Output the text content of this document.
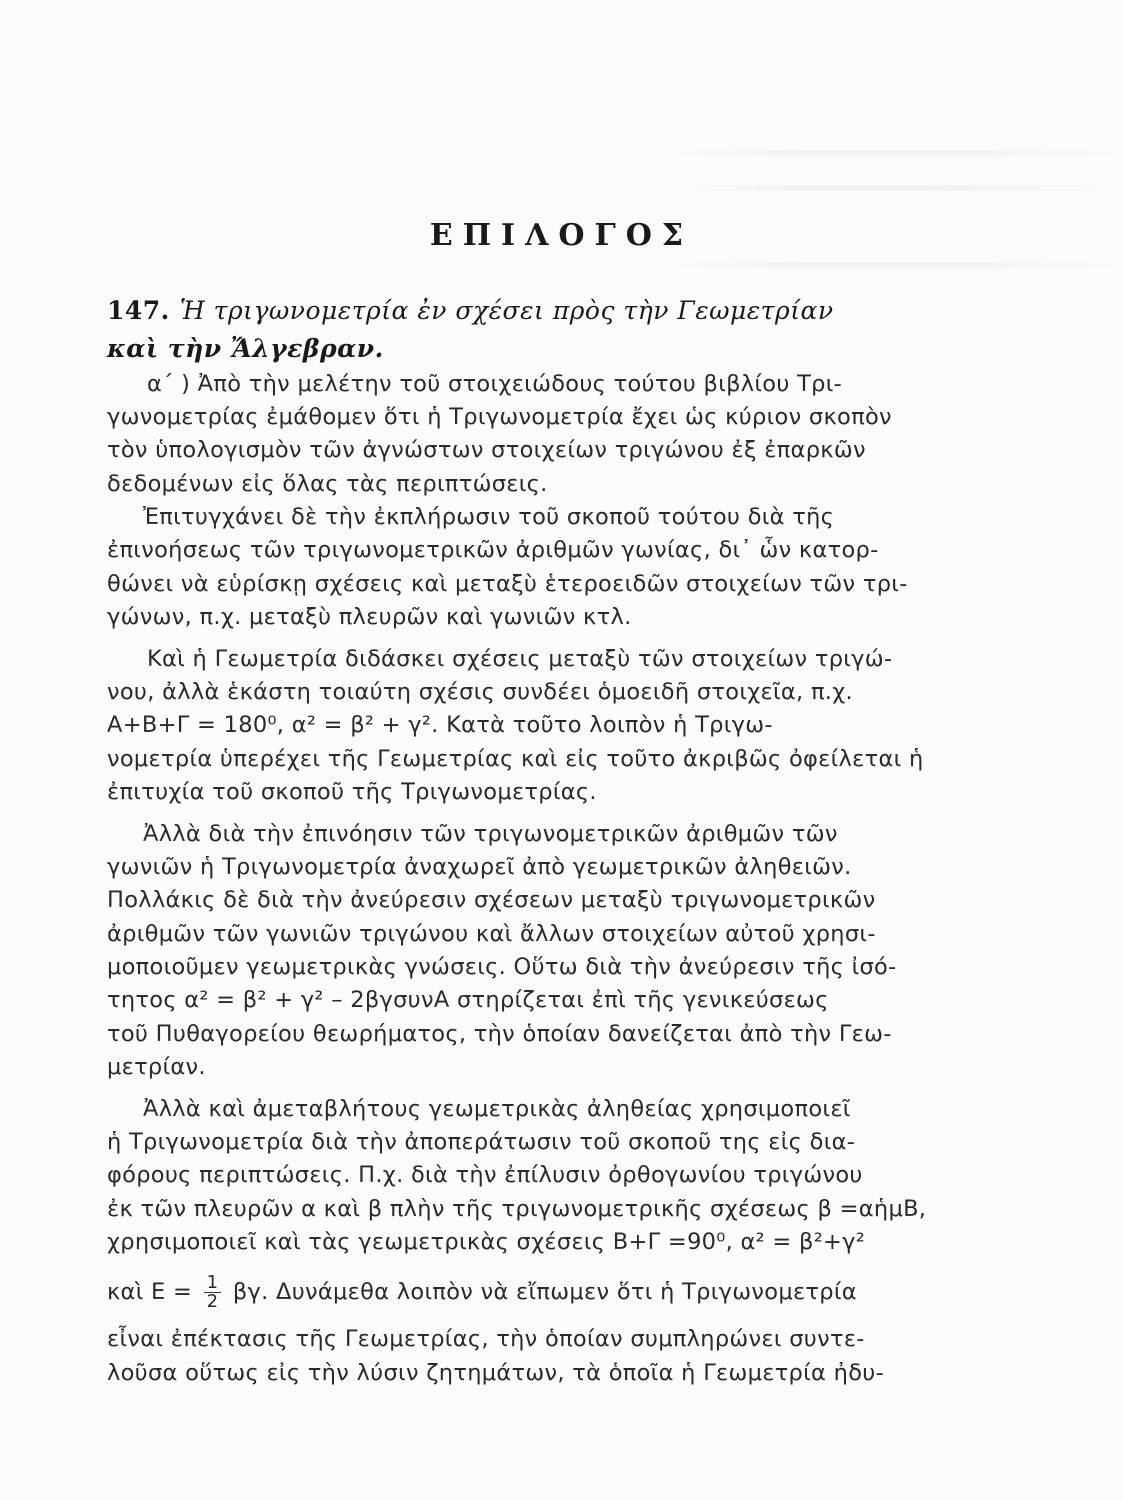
ΕΠΙΛΟΓΟΣ
147. Ἡ τριγωνομετρία ἐν σχέσει πρὸς τὴν Γεωμετρίαν
καὶ τὴν Ἄλγεβραν.
α΄ ) Ἀπὸ τὴν μελέτην τοῦ στοιχειώδους τούτου βιβλίου Τρι-
γωνομετρίας ἐμάθομεν ὅτι ἡ Τριγωνομετρία ἔχει ὡς κύριον σκοπὸν
τὸν ὑπολογισμὸν τῶν ἀγνώστων στοιχείων τριγώνου ἐξ ἐπαρκῶν
δεδομένων εἰς ὅλας τὰς περιπτώσεις.
Ἐπιτυγχάνει δὲ τὴν ἐκπλήρωσιν τοῦ σκοποῦ τούτου διὰ τῆς
ἐπινοήσεως τῶν τριγωνομετρικῶν ἀριθμῶν γωνίας, δι᾿ ὧν κατορ-
θώνει νὰ εὑρίσκῃ σχέσεις καὶ μεταξὺ ἑτεροειδῶν στοιχείων τῶν τρι-
γώνων, π.χ. μεταξὺ πλευρῶν καὶ γωνιῶν κτλ.
Καὶ ἡ Γεωμετρία διδάσκει σχέσεις μεταξὺ τῶν στοιχείων τριγώ-
νου, ἀλλὰ ἑκάστη τοιαύτη σχέσις συνδέει ὁμοειδῆ στοιχεῖα, π.χ.
Α+Β+Γ = 180⁰, α² = β² + γ². Κατὰ τοῦτο λοιπὸν ἡ Τριγω-
νομετρία ὑπερέχει τῆς Γεωμετρίας καὶ εἰς τοῦτο ἀκριβῶς ὀφείλεται ἡ
ἐπιτυχία τοῦ σκοποῦ τῆς Τριγωνομετρίας.
Ἀλλὰ διὰ τὴν ἐπινόησιν τῶν τριγωνομετρικῶν ἀριθμῶν τῶν
γωνιῶν ἡ Τριγωνομετρία ἀναχωρεῖ ἀπὸ γεωμετρικῶν ἀληθειῶν.
Πολλάκις δὲ διὰ τὴν ἀνεύρεσιν σχέσεων μεταξὺ τριγωνομετρικῶν
ἀριθμῶν τῶν γωνιῶν τριγώνου καὶ ἄλλων στοιχείων αὐτοῦ χρησι-
μοποιοῦμεν γεωμετρικὰς γνώσεις. Οὕτω διὰ τὴν ἀνεύρεσιν τῆς ἰσό-
τητος α² = β² + γ² – 2βγσυνΑ στηρίζεται ἐπὶ τῆς γενικεύσεως
τοῦ Πυθαγορείου θεωρήματος, τὴν ὁποίαν δανείζεται ἀπὸ τὴν Γεω-
μετρίαν.
Ἀλλὰ καὶ ἀμεταβλήτους γεωμετρικὰς ἀληθείας χρησιμοποιεῖ
ἡ Τριγωνομετρία διὰ τὴν ἀποπεράτωσιν τοῦ σκοποῦ της εἰς δια-
φόρους περιπτώσεις. Π.χ. διὰ τὴν ἐπίλυσιν ὀρθογωνίου τριγώνου
ἐκ τῶν πλευρῶν α καὶ β πλὴν τῆς τριγωνομετρικῆς σχέσεως β =αἡμΒ,
χρησιμοποιεῖ καὶ τὰς γεωμετρικὰς σχέσεις Β+Γ =90⁰, α² = β²+γ²
καὶ $E = \frac{1}{2} \beta\gamma$. Δυνάμεθα λοιπὸν νὰ εἴπωμεν ὅτι ἡ Τριγωνομετρία
εἶναι ἐπέκτασις τῆς Γεωμετρίας, τὴν ὁποίαν συμπληρώνει συντε-
λοῦσα οὕτως εἰς τὴν λύσιν ζητημάτων, τὰ ὁποῖα ἡ Γεωμετρία ἠδυ-
